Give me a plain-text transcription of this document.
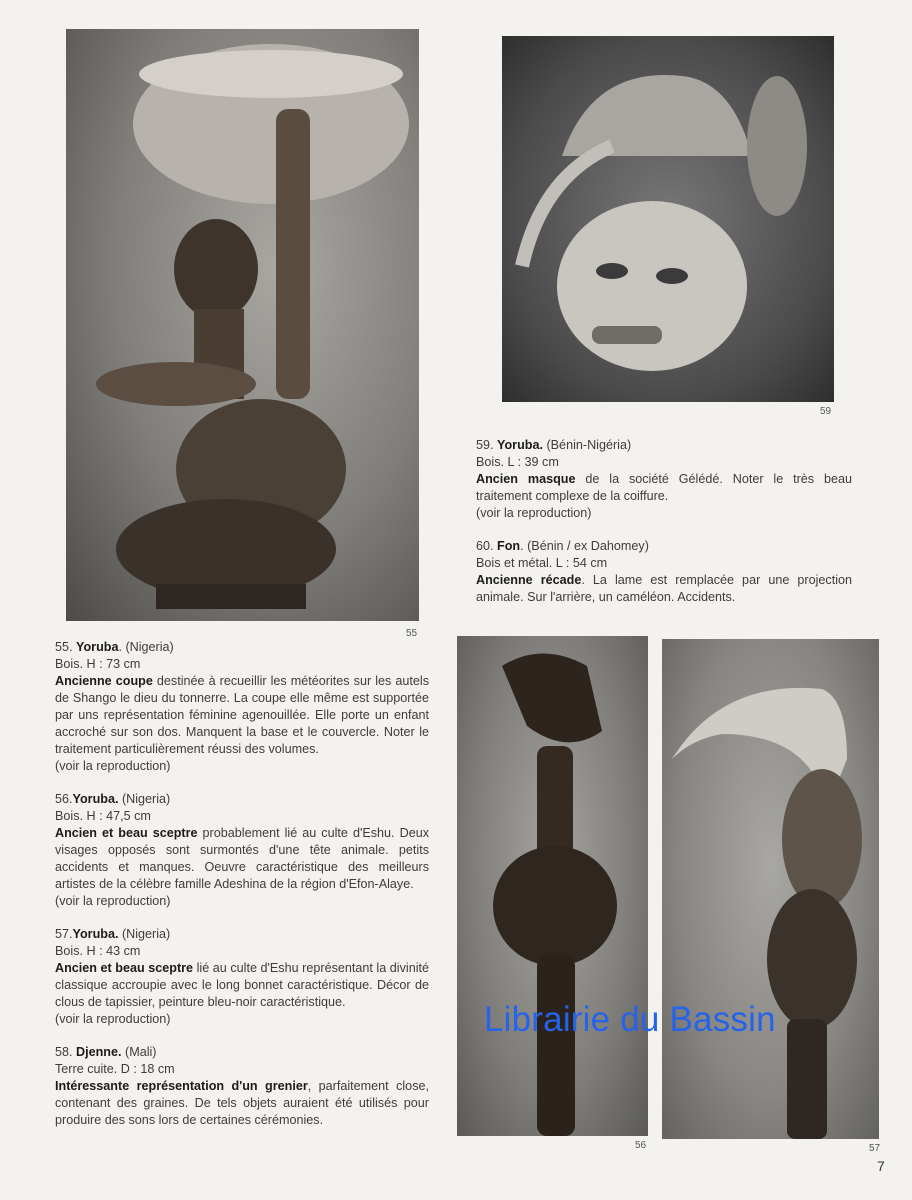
55
59
56	57

55. Yoruba. (Nigeria)

Bois. H : 73 cm

Ancienne coupe destinée à recueillir les météorites sur les autels de Shango le dieu du tonnerre. La coupe elle même est supportée par uns représentation féminine agenouillée. Elle porte un enfant accroché sur son dos. Manquent la base et le couvercle. Noter le traitement particulièrement réussi des volumes.

(voir la reproduction)

56.Yoruba. (Nigeria)

Bois. H : 47,5 cm

Ancien et beau sceptre probablement lié au culte d'Eshu. Deux visages opposés sont surmontés d'une tête animale. petits accidents et manques. Oeuvre caractéristique des meilleurs artistes de la célèbre famille Adeshina de la région d'Efon-Alaye.

(voir la reproduction)

57.Yoruba. (Nigeria)

Bois. H : 43 cm

Ancien et beau sceptre lié au culte d'Eshu représentant la divinité classique accroupie avec le long bonnet caractéristique. Décor de clous de tapissier, peinture bleu-noir caractéristique.

(voir la reproduction)

58. Djenne. (Mali)

Terre cuite. D : 18 cm

Intéressante représentation d'un grenier, parfaitement close, contenant des graines. De tels objets auraient été utilisés pour produire des sons lors de certaines cérémonies.

59. Yoruba. (Bénin-Nigéria)

Bois. L : 39 cm

Ancien masque de la société Gélédé. Noter le très beau traitement complexe de la coiffure.

(voir la reproduction)

60. Fon. (Bénin / ex Dahomey)

Bois et métal. L : 54 cm

Ancienne récade. La lame est remplacée par une projection animale. Sur l'arrière, un caméléon. Accidents.

Librairie du Bassin
7
